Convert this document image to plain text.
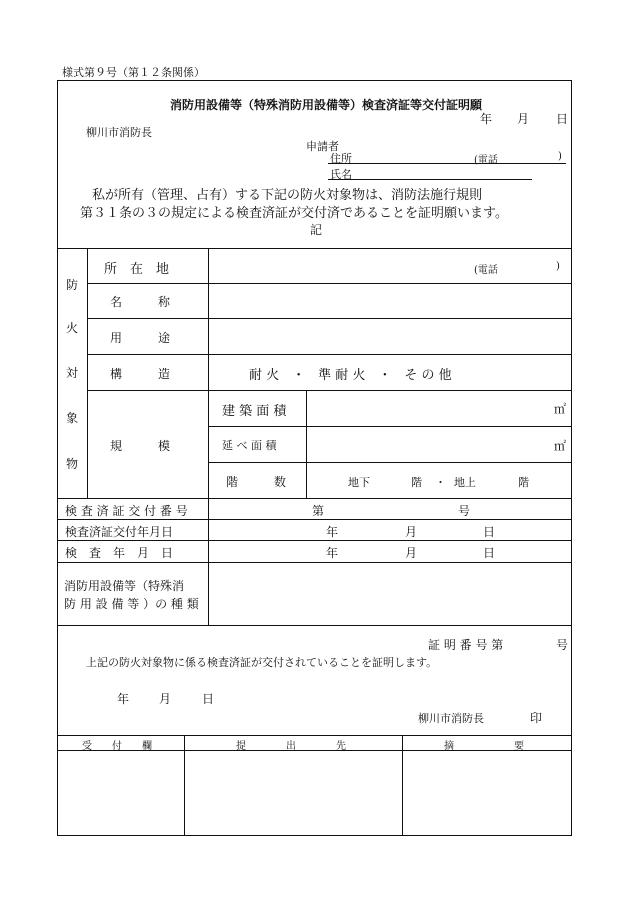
様式第９号（第１２条関係）
消防用設備等（特殊消防用設備等）検査済証等交付証明願
年 月 日
柳川市消防長
申請者
住所	(電話	)
氏名
私が所有（管理、占有）する下記の防火対象物は、消防法施行規則
第３１条の３の規定による検査済証が交付済であることを証明願います。
記
防
火
対
象
物
所　在　地	(電話	)
名　　　称
用　　　途
構　　　造	耐 火　・　準 耐 火　・　そ の 他
規　　　模
建 築 面 積	㎡
延 べ 面 積	㎡
階　　　数	地下	階 ・ 地上	階
検 査 済 証 交 付 番 号	第	号
検査済証交付年月日	年	月	日
検　査　年　月　日	年	月	日
消防用設備等（特殊消
防 用 設 備 等 ）の 種 類
証 明 番 号 第	号
上記の防火対象物に係る検査済証が交付されていることを証明します。
年 月	日
柳川市消防長	印
受　　付　　欄	提　　　　出　　　　先	摘　　　　　　要
